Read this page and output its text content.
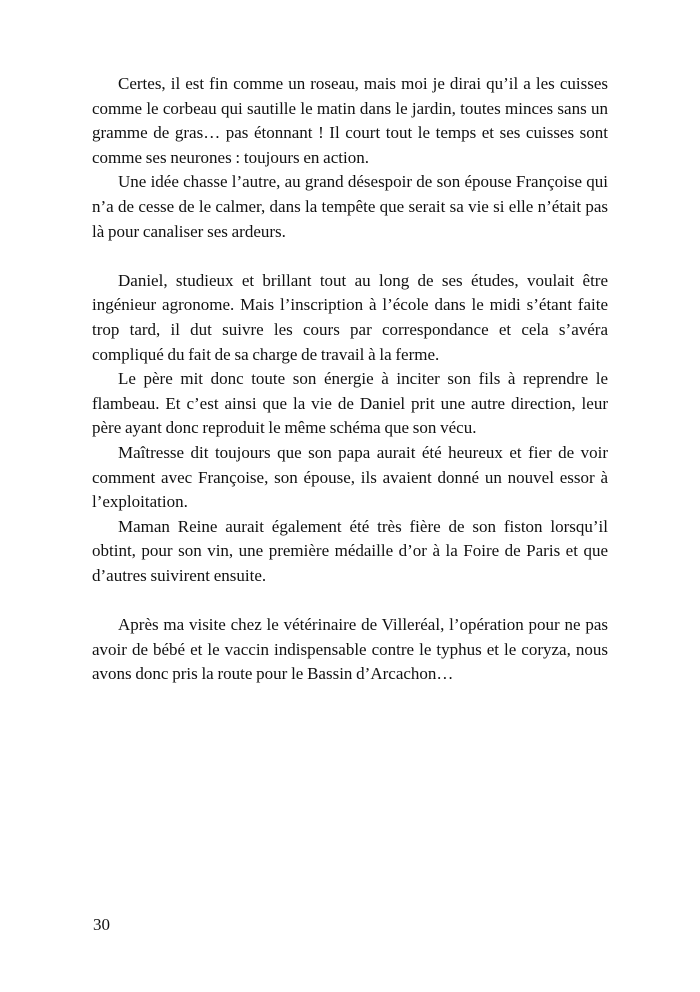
Certes, il est fin comme un roseau, mais moi je dirai qu’il a les cuisses comme le corbeau qui sautille le matin dans le jardin, toutes minces sans un gramme de gras… pas étonnant ! Il court tout le temps et ses cuisses sont comme ses neurones : toujours en action.

Une idée chasse l’autre, au grand désespoir de son épouse Françoise qui n’a de cesse de le calmer, dans la tempête que serait sa vie si elle n’était pas là pour canaliser ses ardeurs.

Daniel, studieux et brillant tout au long de ses études, voulait être ingénieur agronome. Mais l’inscription à l’école dans le midi s’étant faite trop tard, il dut suivre les cours par correspondance et cela s’avéra compliqué du fait de sa charge de travail à la ferme.

Le père mit donc toute son énergie à inciter son fils à reprendre le flambeau. Et c’est ainsi que la vie de Daniel prit une autre direction, leur père ayant donc reproduit le même schéma que son vécu.

Maîtresse dit toujours que son papa aurait été heureux et fier de voir comment avec Françoise, son épouse, ils avaient donné un nouvel essor à l’exploitation.

Maman Reine aurait également été très fière de son fiston lorsqu’il obtint, pour son vin, une première médaille d’or à la Foire de Paris et que d’autres suivirent ensuite.

Après ma visite chez le vétérinaire de Villeréal, l’opération pour ne pas avoir de bébé et le vaccin indispensable contre le typhus et le coryza, nous avons donc pris la route pour le Bassin d’Arcachon…

30
